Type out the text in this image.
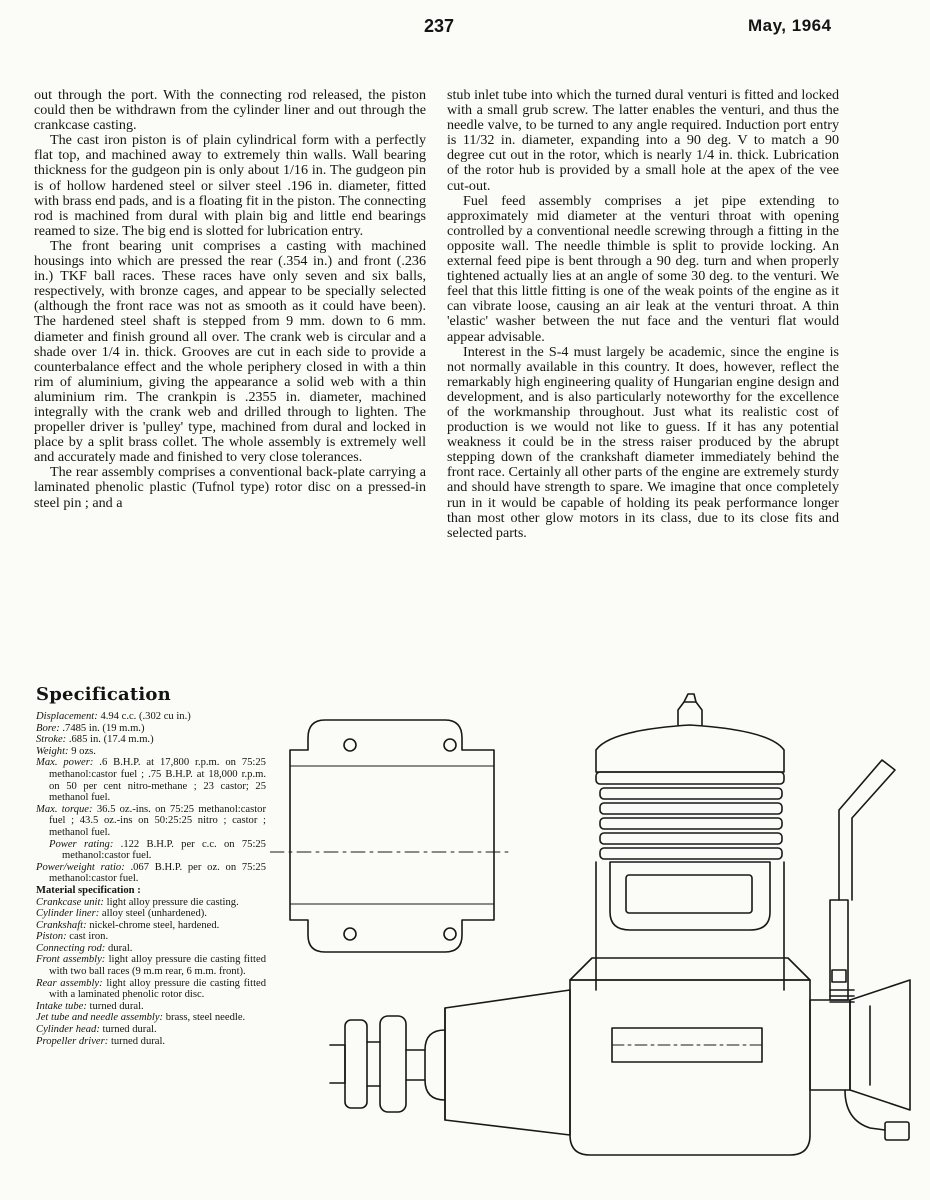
237	May, 1964

out through the port. With the connecting rod released, the piston could then be withdrawn from the cylinder liner and out through the crankcase casting.

The cast iron piston is of plain cylindrical form with a perfectly flat top, and machined away to extremely thin walls. Wall bearing thickness for the gudgeon pin is only about 1/16 in. The gudgeon pin is of hollow hardened steel or silver steel .196 in. diameter, fitted with brass end pads, and is a floating fit in the piston. The connecting rod is machined from dural with plain big and little end bearings reamed to size. The big end is slotted for lubrication entry.

The front bearing unit comprises a casting with machined housings into which are pressed the rear (.354 in.) and front (.236 in.) TKF ball races. These races have only seven and six balls, respectively, with bronze cages, and appear to be specially selected (although the front race was not as smooth as it could have been). The hardened steel shaft is stepped from 9 mm. down to 6 mm. diameter and finish ground all over. The crank web is circular and a shade over 1/4 in. thick. Grooves are cut in each side to provide a counterbalance effect and the whole periphery closed in with a thin rim of aluminium, giving the appearance a solid web with a thin aluminium rim. The crankpin is .2355 in. diameter, machined integrally with the crank web and drilled through to lighten. The propeller driver is 'pulley' type, machined from dural and locked in place by a split brass collet. The whole assembly is extremely well and accurately made and finished to very close tolerances.

The rear assembly comprises a conventional back-plate carrying a laminated phenolic plastic (Tufnol type) rotor disc on a pressed-in steel pin ; and a

stub inlet tube into which the turned dural venturi is fitted and locked with a small grub screw. The latter enables the venturi, and thus the needle valve, to be turned to any angle required. Induction port entry is 11/32 in. diameter, expanding into a 90 deg. V to match a 90 degree cut out in the rotor, which is nearly 1/4 in. thick. Lubrication of the rotor hub is provided by a small hole at the apex of the vee cut-out.

Fuel feed assembly comprises a jet pipe extending to approximately mid diameter at the venturi throat with opening controlled by a conventional needle screwing through a fitting in the opposite wall. The needle thimble is split to provide locking. An external feed pipe is bent through a 90 deg. turn and when properly tightened actually lies at an angle of some 30 deg. to the venturi. We feel that this little fitting is one of the weak points of the engine as it can vibrate loose, causing an air leak at the venturi throat. A thin 'elastic' washer between the nut face and the venturi flat would appear advisable.

Interest in the S-4 must largely be academic, since the engine is not normally available in this country. It does, however, reflect the remarkably high engineering quality of Hungarian engine design and development, and is also particularly noteworthy for the excellence of the workmanship throughout. Just what its realistic cost of production is we would not like to guess. If it has any potential weakness it could be in the stress raiser produced by the abrupt stepping down of the crankshaft diameter immediately behind the front race. Certainly all other parts of the engine are extremely sturdy and should have strength to spare. We imagine that once completely run in it would be capable of holding its peak performance longer than most other glow motors in its class, due to its close fits and selected parts.

Specification

Displacement: 4.94 c.c. (.302 cu in.)

Bore: .7485 in. (19 m.m.)

Stroke: .685 in. (17.4 m.m.)

Weight: 9 ozs.

Max. power: .6 B.H.P. at 17,800 r.p.m. on 75:25 methanol:castor fuel ; .75 B.H.P. at 18,000 r.p.m. on 50 per cent nitro-methane ; 23 castor; 25 methanol fuel.

Max. torque: 36.5 oz.-ins. on 75:25 methanol:castor fuel ; 43.5 oz.-ins on 50:25:25 nitro ; castor ; methanol fuel.

Power rating: .122 B.H.P. per c.c. on 75:25 methanol:castor fuel.

Power/weight ratio: .067 B.H.P. per oz. on 75:25 methanol:castor fuel.

Material specification :

Crankcase unit: light alloy pressure die casting.

Cylinder liner: alloy steel (unhardened).

Crankshaft: nickel-chrome steel, hardened.

Piston: cast iron.

Connecting rod: dural.

Front assembly: light alloy pressure die casting fitted with two ball races (9 m.m rear, 6 m.m. front).

Rear assembly: light alloy pressure die casting fitted with a laminated phenolic rotor disc.

Intake tube: turned dural.

Jet tube and needle assembly: brass, steel needle.

Cylinder head: turned dural.

Propeller driver: turned dural.
